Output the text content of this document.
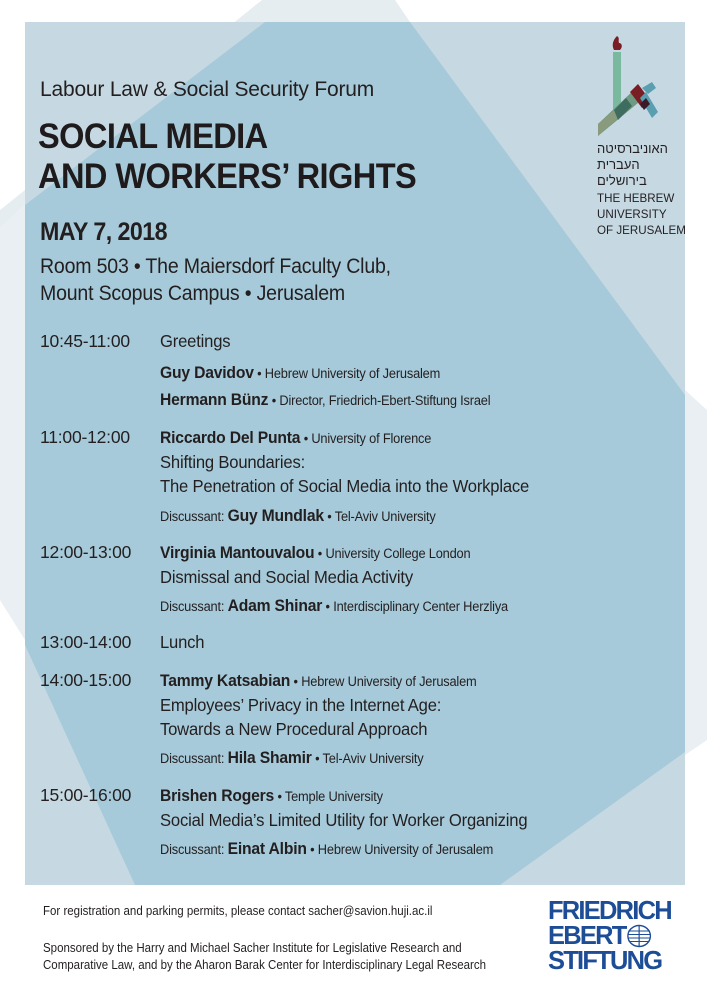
Labour Law & Social Security Forum
SOCIAL MEDIA
AND WORKERS’ RIGHTS
MAY 7, 2018
Room 503 • The Maiersdorf Faculty Club,
Mount Scopus Campus • Jerusalem
האוניברסיטה
העברית
בירושלים
THE HEBREW
UNIVERSITY
OF JERUSALEM
10:45-11:00 Greetings
Guy Davidov • Hebrew University of Jerusalem
Hermann Bünz • Director, Friedrich-Ebert-Stiftung Israel
11:00-12:00 Riccardo Del Punta • University of Florence
Shifting Boundaries:
The Penetration of Social Media into the Workplace
Discussant: Guy Mundlak • Tel-Aviv University
12:00-13:00 Virginia Mantouvalou • University College London
Dismissal and Social Media Activity
Discussant: Adam Shinar • Interdisciplinary Center Herzliya
13:00-14:00 Lunch
14:00-15:00 Tammy Katsabian • Hebrew University of Jerusalem
Employees’ Privacy in the Internet Age:
Towards a New Procedural Approach
Discussant: Hila Shamir • Tel-Aviv University
15:00-16:00 Brishen Rogers • Temple University
Social Media’s Limited Utility for Worker Organizing
Discussant: Einat Albin • Hebrew University of Jerusalem
For registration and parking permits, please contact sacher@savion.huji.ac.il
Sponsored by the Harry and Michael Sacher Institute for Legislative Research and
Comparative Law, and by the Aharon Barak Center for Interdisciplinary Legal Research
FRIEDRICH
EBERT
STIFTUNG
